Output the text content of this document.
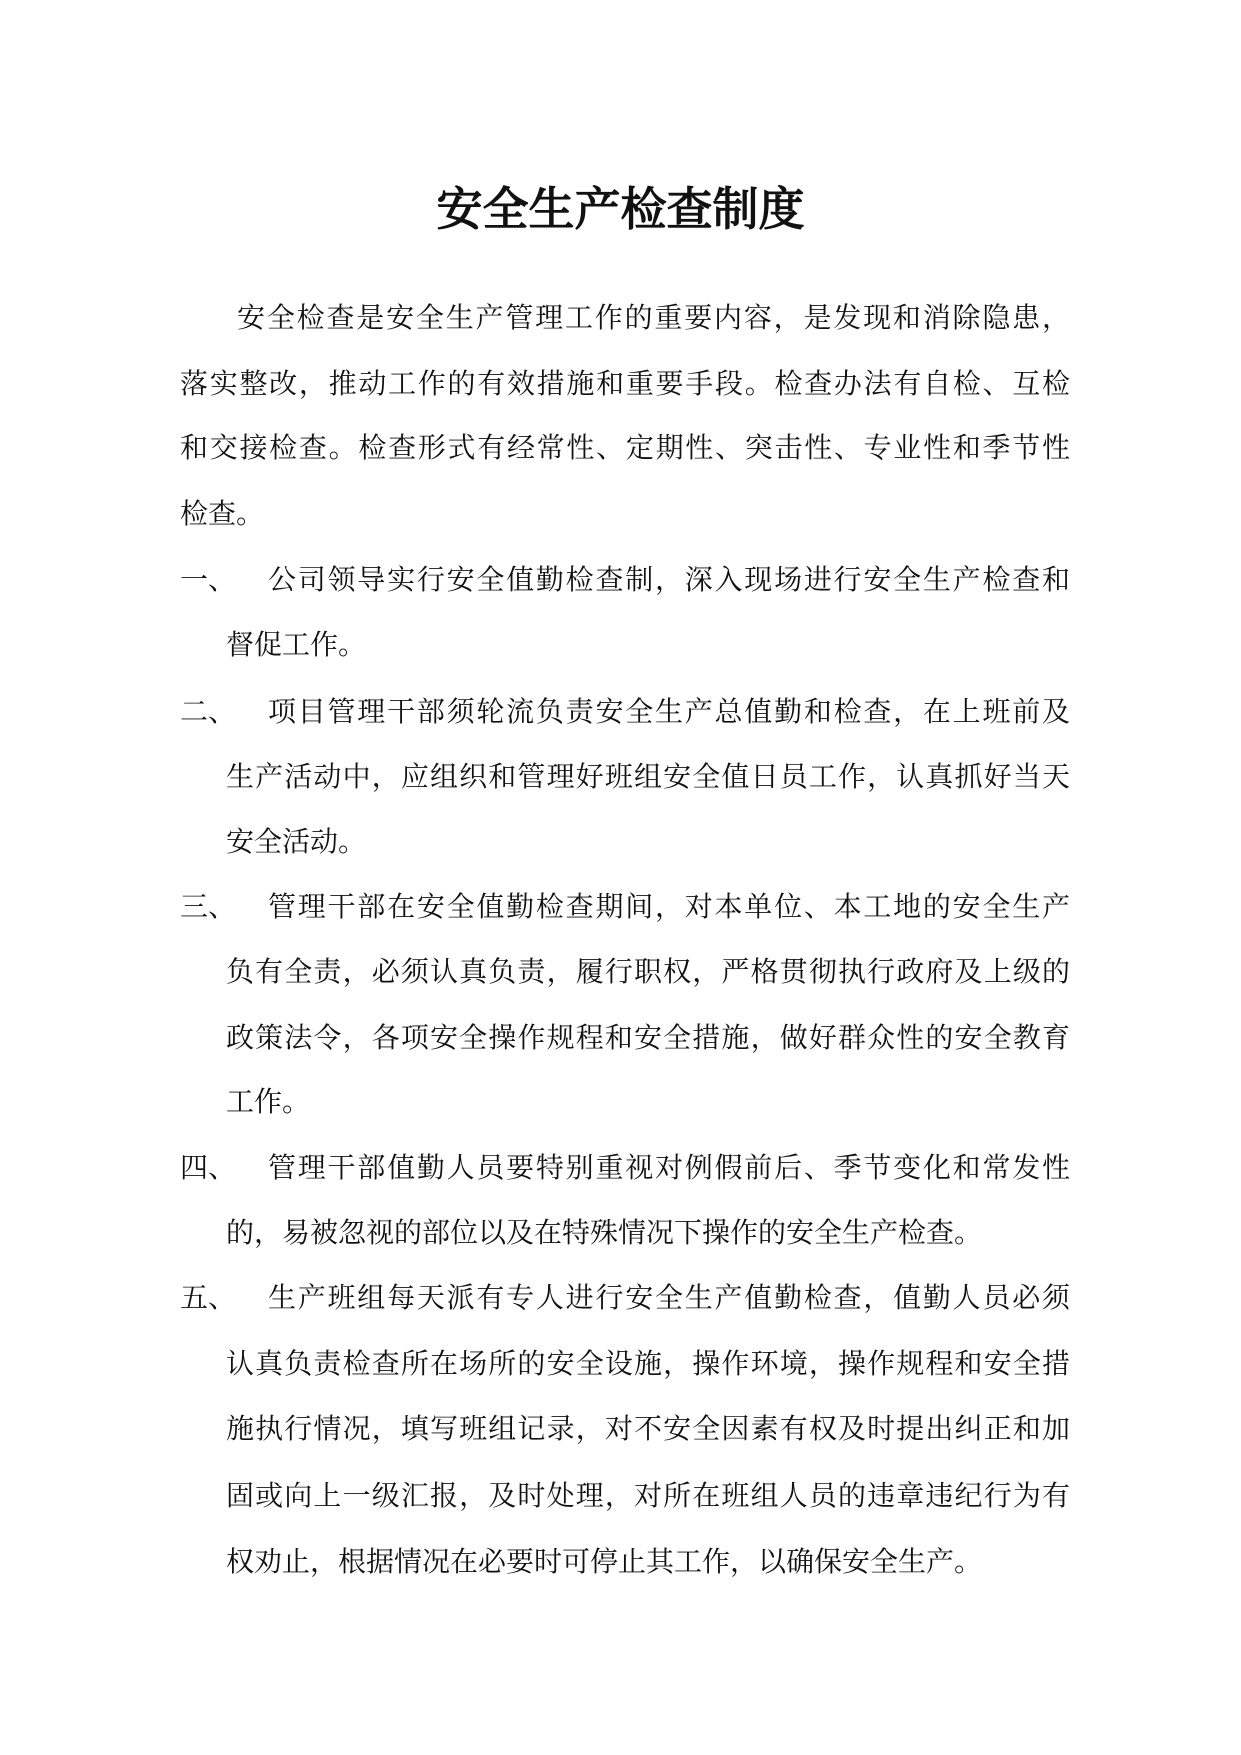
安全生产检查制度
安全检查是安全生产管理工作的重要内容，是发现和消除隐患，
落实整改，推动工作的有效措施和重要手段。检查办法有自检、互检
和交接检查。检查形式有经常性、定期性、突击性、专业性和季节性
检查。
一、 公司领导实行安全值勤检查制，深入现场进行安全生产检查和
督促工作。
二、 项目管理干部须轮流负责安全生产总值勤和检查，在上班前及
生产活动中，应组织和管理好班组安全值日员工作，认真抓好当天
安全活动。
三、 管理干部在安全值勤检查期间，对本单位、本工地的安全生产
负有全责，必须认真负责，履行职权，严格贯彻执行政府及上级的
政策法令，各项安全操作规程和安全措施，做好群众性的安全教育
工作。
四、 管理干部值勤人员要特别重视对例假前后、季节变化和常发性
的，易被忽视的部位以及在特殊情况下操作的安全生产检查。
五、 生产班组每天派有专人进行安全生产值勤检查，值勤人员必须
认真负责检查所在场所的安全设施，操作环境，操作规程和安全措
施执行情况，填写班组记录，对不安全因素有权及时提出纠正和加
固或向上一级汇报，及时处理，对所在班组人员的违章违纪行为有
权劝止，根据情况在必要时可停止其工作，以确保安全生产。
